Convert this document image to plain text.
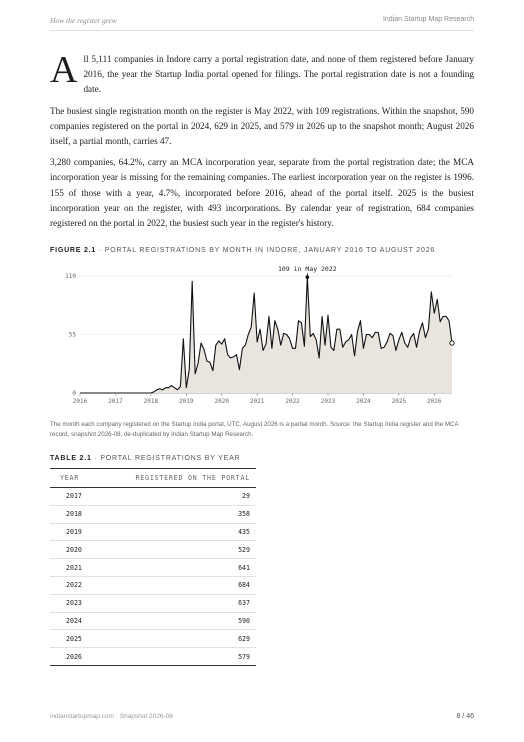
How the register grew	Indian Startup Map Research

All 5,111 companies in Indore carry a portal registration date, and none of them registered before January 2016, the year the Startup India portal opened for filings. The portal registration date is not a founding date.

The busiest single registration month on the register is May 2022, with 109 registrations. Within the snapshot, 590 companies registered on the portal in 2024, 629 in 2025, and 579 in 2026 up to the snapshot month; August 2026 itself, a partial month, carries 47.

3,280 companies, 64.2%, carry an MCA incorporation year, separate from the portal registration date; the MCA incorporation year is missing for the remaining companies. The earliest incorporation year on the register is 1996. 155 of those with a year, 4.7%, incorporated before 2016, ahead of the portal itself. 2025 is the busiest incorporation year on the register, with 493 incorporations. By calendar year of registration, 684 companies registered on the portal in 2022, the busiest such year in the register's history.

FIGURE 2.1 · PORTAL REGISTRATIONS BY MONTH IN INDORE, JANUARY 2016 TO AUGUST 2026
0
55
110
2016	2017	2018	2019	2020	2021	2022	2023	2024	2025	2026
109 in May 2022
The month each company registered on the Startup India portal, UTC. August 2026 is a partial month. Source: the Startup India register and the MCA record, snapshot 2026-08, de-duplicated by Indian Startup Map Research.
TABLE 2.1 · PORTAL REGISTRATIONS BY YEAR
YEAR	REGISTERED ON THE PORTAL
2017	29
2018	358
2019	435
2020	529
2021	641
2022	684
2023	637
2024	590
2025	629
2026	579
indianstartupmap.com · Snapshot 2026-08	8 / 46
